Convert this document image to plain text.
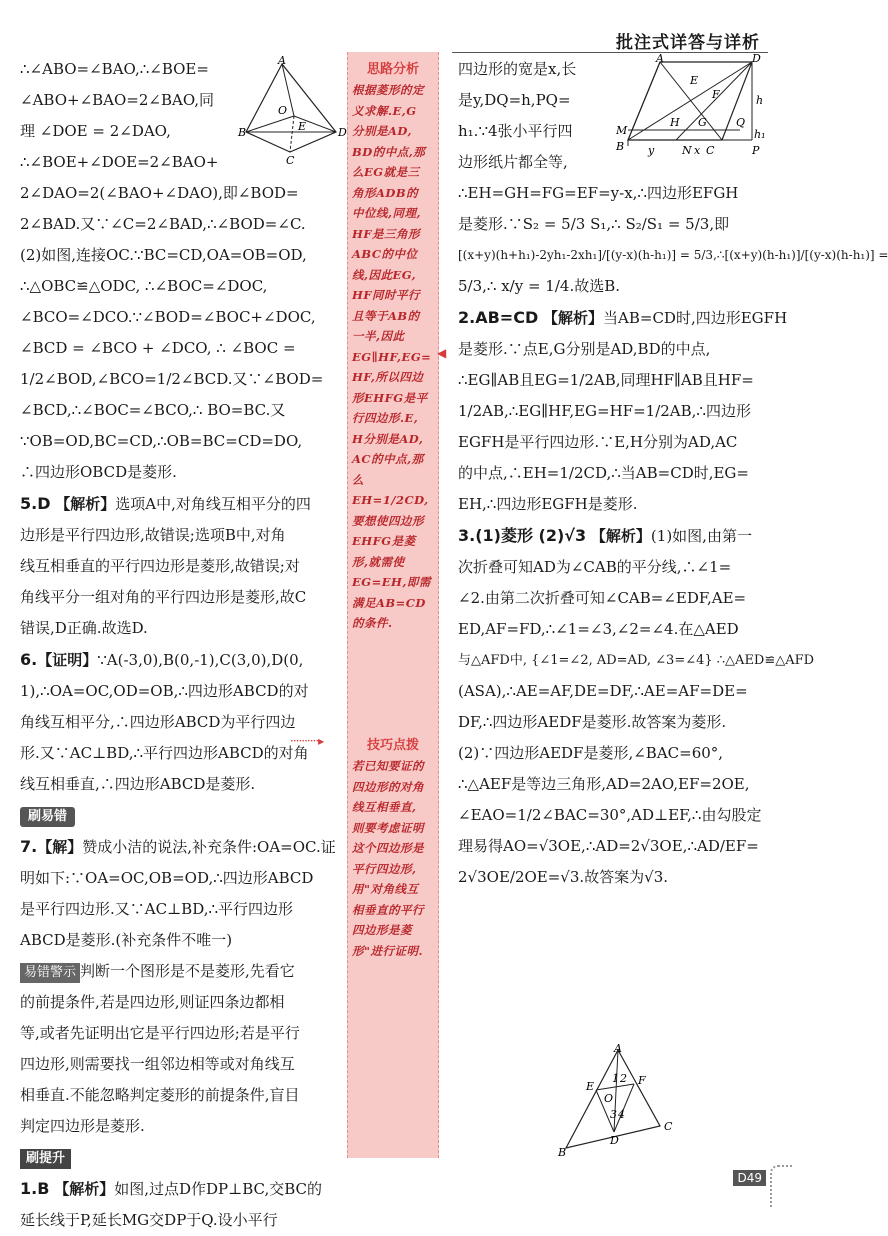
批注式详答与详析
∴∠ABO=∠BAO,∴∠BOE=
∠ABO+∠BAO=2∠BAO,同
理 ∠DOE = 2∠DAO,
∴∠BOE+∠DOE=2∠BAO+
2∠DAO=2(∠BAO+∠DAO),即∠BOD=
2∠BAD.又∵∠C=2∠BAD,∴∠BOD=∠C.
(2)如图,连接OC.∵BC=CD,OA=OB=OD,
∴△OBC≌△ODC, ∴∠BOC=∠DOC,
∠BCO=∠DCO.∵∠BOD=∠BOC+∠DOC,
∠BCD = ∠BCO + ∠DCO, ∴ ∠BOC =
1/2∠BOD,∠BCO=1/2∠BCD.又∵∠BOD=
∠BCD,∴∠BOC=∠BCO,∴ BO=BC.又
∵OB=OD,BC=CD,∴OB=BC=CD=DO,
∴四边形OBCD是菱形.
5.D 【解析】选项A中,对角线互相平分的四
边形是平行四边形,故错误;选项B中,对角
线互相垂直的平行四边形是菱形,故错误;对
角线平分一组对角的平行四边形是菱形,故C
错误,D正确.故选D.
6.【证明】∵A(-3,0),B(0,-1),C(3,0),D(0,
1),∴OA=OC,OD=OB,∴四边形ABCD的对
角线互相平分,∴四边形ABCD为平行四边
形.又∵AC⊥BD,∴平行四边形ABCD的对角
线互相垂直,∴四边形ABCD是菱形.
刷易错
7.【解】赞成小洁的说法,补充条件:OA=OC.证
明如下:∵OA=OC,OB=OD,∴四边形ABCD
是平行四边形.又∵AC⊥BD,∴平行四边形
ABCD是菱形.(补充条件不唯一)
易错警示 判断一个图形是不是菱形,先看它
的前提条件,若是四边形,则证四条边都相
等,或者先证明出它是平行四边形;若是平行
四边形,则需要找一组邻边相等或对角线互
相垂直.不能忽略判定菱形的前提条件,盲目
判定四边形是菱形.
刷提升
1.B 【解析】如图,过点D作DP⊥BC,交BC的
延长线于P,延长MG交DP于Q.设小平行
A
B
O
E	D
C
思路分析
根据菱形的定
义求解.E,G
分别是AD,
BD的中点,那
么EG就是三
角形ADB的
中位线,同理,
HF是三角形
ABC的中位
线,因此EG,
HF同时平行
且等于AB的
一半,因此
EG∥HF,EG=
HF,所以四边
形EHFG是平
行四边形.E,
H分别是AD,
AC的中点,那
么EH=1/2CD,
要想使四边形
EHFG是菱
形,就需使
EG=EH,即需
满足AB=CD
的条件.
技巧点拨
若已知要证的
四边形的对角
线互相垂直,
则要考虑证明
这个四边形是
平行四边形,
用"对角线互
相垂直的平行
四边形是菱
形"进行证明.
◀
··········▸
四边形的宽是x,长
是y,DQ=h,PQ=
h₁.∵4张小平行四
边形纸片都全等,
∴EH=GH=FG=EF=y-x,∴四边形EFGH
是菱形.∵S₂ = 5/3 S₁,∴ S₂/S₁ = 5/3,即
[(x+y)(h+h₁)-2yh₁-2xh₁]/[(y-x)(h-h₁)] = 5/3,∴[(x+y)(h-h₁)]/[(y-x)(h-h₁)] =
5/3,∴ x/y = 1/4.故选B.
2.AB=CD 【解析】当AB=CD时,四边形EGFH
是菱形.∵点E,G分别是AD,BD的中点,
∴EG∥AB且EG=1/2AB,同理HF∥AB且HF=
1/2AB,∴EG∥HF,EG=HF=1/2AB,∴四边形
EGFH是平行四边形.∵E,H分别为AD,AC
的中点,∴EH=1/2CD,∴当AB=CD时,EG=
EH,∴四边形EGFH是菱形.
3.(1)菱形 (2)√3 【解析】(1)如图,由第一
次折叠可知AD为∠CAB的平分线,∴∠1=
∠2.由第二次折叠可知∠CAB=∠EDF,AE=
ED,AF=FD,∴∠1=∠3,∠2=∠4.在△AED
与△AFD中, {∠1=∠2, AD=AD, ∠3=∠4} ∴△AED≌△AFD
(ASA),∴AE=AF,DE=DF,∴AE=AF=DE=
DF,∴四边形AEDF是菱形.故答案为菱形.
(2)∵四边形AEDF是菱形,∠BAC=60°,
∴△AEF是等边三角形,AD=2AO,EF=2OE,
∠EAO=1/2∠BAC=30°,AD⊥EF,∴由勾股定
理易得AO=√3OE,∴AD=2√3OE,∴AD/EF=
2√3OE/2OE=√3.故答案为√3.
A	D
E
F
H G
M
B y	N x C	P
Q
h
h₁
A
E	F
O
1 2
3 4
B
D
C
D49
